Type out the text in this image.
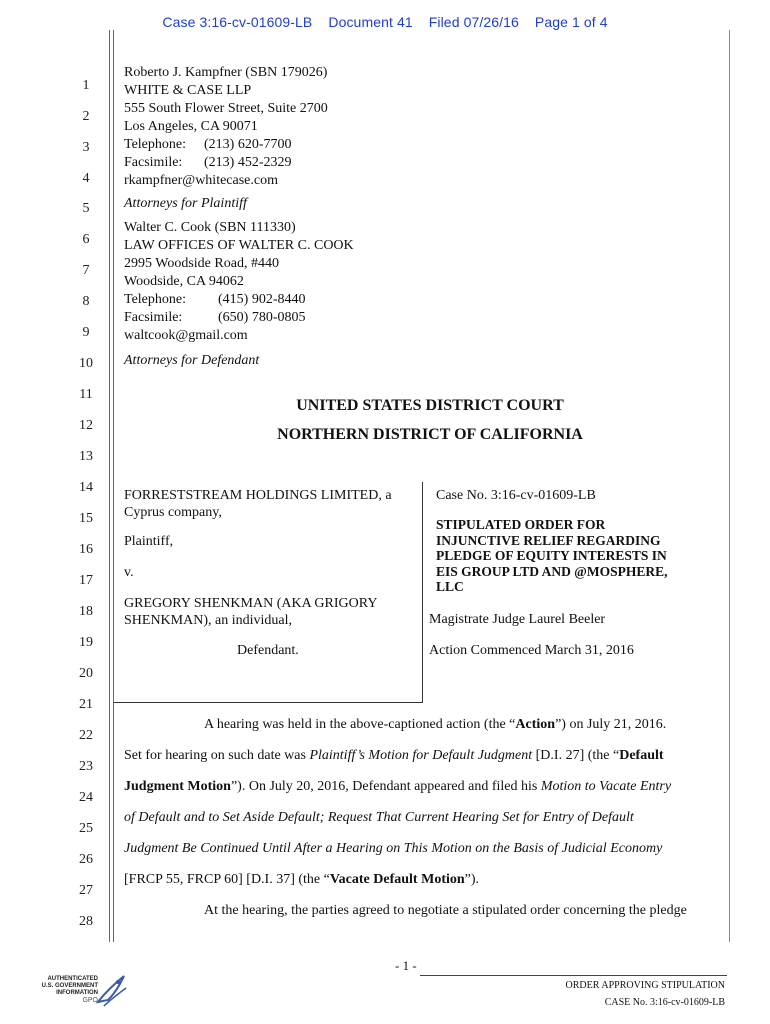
Case 3:16-cv-01609-LB Document 41 Filed 07/26/16 Page 1 of 4
1
2
3
4
5
6
7
8
9
10
11
12
13
14
15
16
17
18
19
20
21
22
23
24
25
26
27
28
Roberto J. Kampfner (SBN 179026)
WHITE & CASE LLP
555 South Flower Street, Suite 2700
Los Angeles, CA 90071
Telephone: (213) 620-7700
Facsimile: (213) 452-2329
rkampfner@whitecase.com
Attorneys for Plaintiff
Walter C. Cook (SBN 111330)
LAW OFFICES OF WALTER C. COOK
2995 Woodside Road, #440
Woodside, CA 94062
Telephone: (415) 902-8440
Facsimile:	(650) 780-0805
waltcook@gmail.com
Attorneys for Defendant
UNITED STATES DISTRICT COURT
NORTHERN DISTRICT OF CALIFORNIA
FORRESTSTREAM HOLDINGS LIMITED, a
Cyprus company,
Plaintiff,
v.
GREGORY SHENKMAN (AKA GRIGORY
SHENKMAN), an individual,
Defendant.
Case No. 3:16-cv-01609-LB
STIPULATED ORDER FOR
INJUNCTIVE RELIEF REGARDING
PLEDGE OF EQUITY INTERESTS IN
EIS GROUP LTD AND @MOSPHERE,
LLC
Magistrate Judge Laurel Beeler
Action Commenced March 31, 2016
A hearing was held in the above-captioned action (the “Action”) on July 21, 2016.
Set for hearing on such date was Plaintiff’s Motion for Default Judgment [D.I. 27] (the “Default
Judgment Motion”). On July 20, 2016, Defendant appeared and filed his Motion to Vacate Entry
of Default and to Set Aside Default; Request That Current Hearing Set for Entry of Default
Judgment Be Continued Until After a Hearing on This Motion on the Basis of Judicial Economy
[FRCP 55, FRCP 60] [D.I. 37] (the “Vacate Default Motion”).
At the hearing, the parties agreed to negotiate a stipulated order concerning the pledge
- 1 -
ORDER APPROVING STIPULATION
CASE No. 3:16-cv-01609-LB
AUTHENTICATED
U.S. GOVERNMENT
INFORMATION
GPO
